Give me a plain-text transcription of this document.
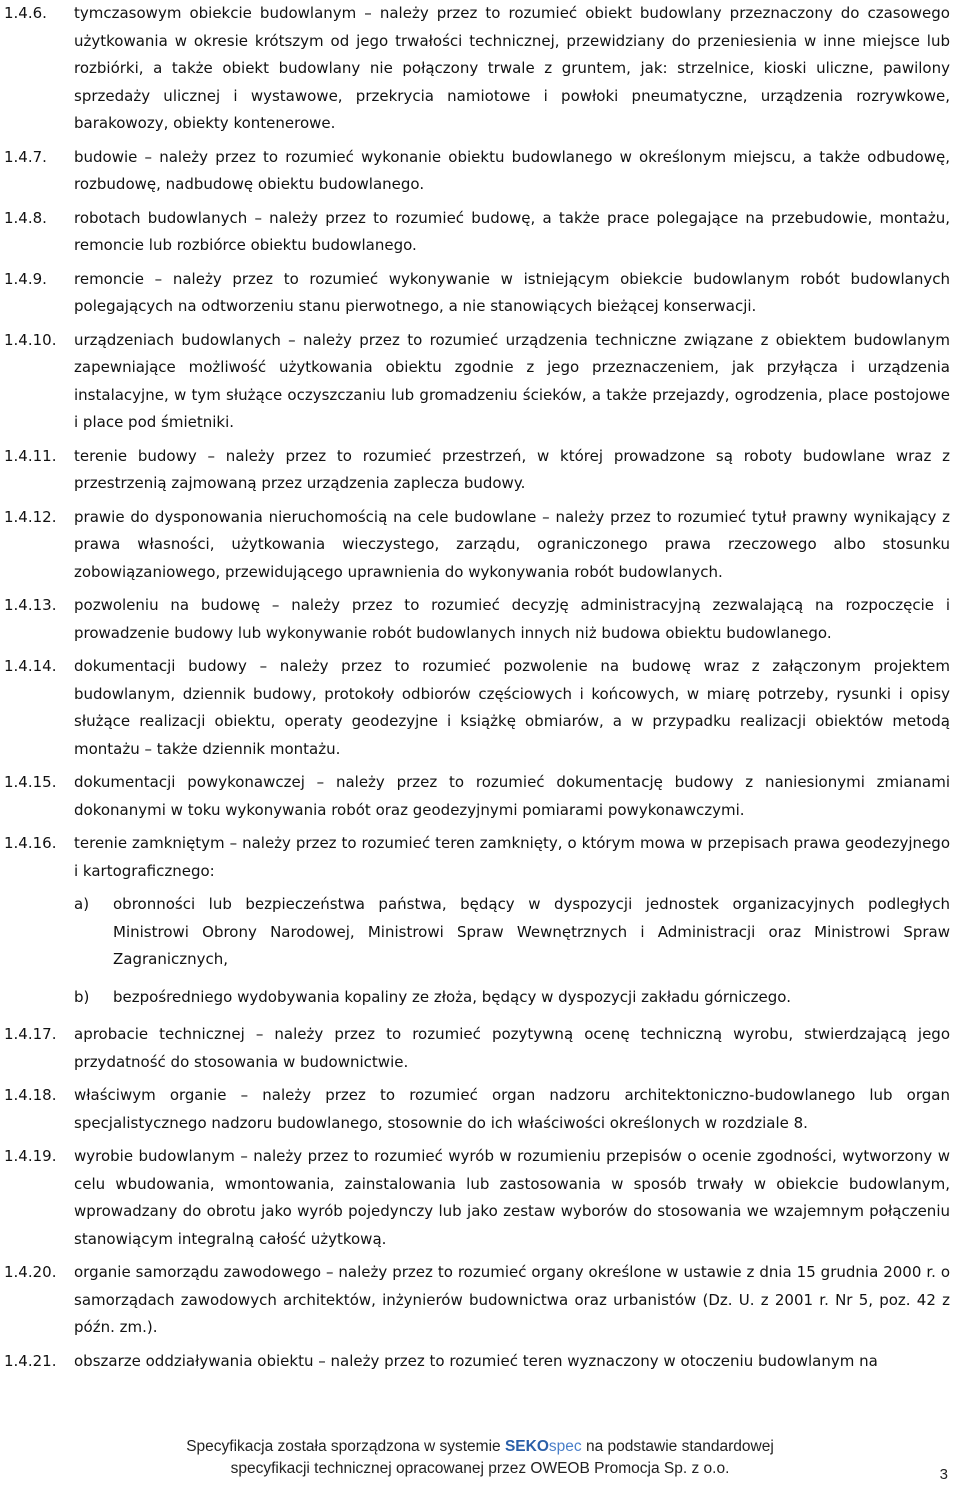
1.4.6.	tymczasowym obiekcie budowlanym – należy przez to rozumieć obiekt budowlany przeznaczony do czasowego użytkowania w okresie krótszym od jego trwałości technicznej, przewidziany do przeniesienia w inne miejsce lub rozbiórki, a także obiekt budowlany nie połączony trwale z gruntem, jak: strzelnice, kioski uliczne, pawilony sprzedaży ulicznej i wystawowe, przekrycia namiotowe i powłoki pneumatyczne, urządzenia rozrywkowe, barakowozy, obiekty kontenerowe.
1.4.7.	budowie – należy przez to rozumieć wykonanie obiektu budowlanego w określonym miejscu, a także odbudowę, rozbudowę, nadbudowę obiektu budowlanego.
1.4.8.	robotach budowlanych – należy przez to rozumieć budowę, a także prace polegające na przebudowie, montażu, remoncie lub rozbiórce obiektu budowlanego.
1.4.9.	remoncie – należy przez to rozumieć wykonywanie w istniejącym obiekcie budowlanym robót budowlanych polegających na odtworzeniu stanu pierwotnego, a nie stanowiących bieżącej konserwacji.
1.4.10.	urządzeniach budowlanych – należy przez to rozumieć urządzenia techniczne związane z obiektem budowlanym zapewniające możliwość użytkowania obiektu zgodnie z jego przeznaczeniem, jak przyłącza i urządzenia instalacyjne, w tym służące oczyszczaniu lub gromadzeniu ścieków, a także przejazdy, ogrodzenia, place postojowe i place pod śmietniki.
1.4.11.	terenie budowy – należy przez to rozumieć przestrzeń, w której prowadzone są roboty budowlane wraz z przestrzenią zajmowaną przez urządzenia zaplecza budowy.
1.4.12.	prawie do dysponowania nieruchomością na cele budowlane – należy przez to rozumieć tytuł prawny wynikający z prawa własności, użytkowania wieczystego, zarządu, ograniczonego prawa rzeczowego albo stosunku zobowiązaniowego, przewidującego uprawnienia do wykonywania robót budowlanych.
1.4.13.	pozwoleniu na budowę – należy przez to rozumieć decyzję administracyjną zezwalającą na rozpoczęcie i prowadzenie budowy lub wykonywanie robót budowlanych innych niż budowa obiektu budowlanego.
1.4.14.	dokumentacji budowy – należy przez to rozumieć pozwolenie na budowę wraz z załączonym projektem budowlanym, dziennik budowy, protokoły odbiorów częściowych i końcowych, w miarę potrzeby, rysunki i opisy służące realizacji obiektu, operaty geodezyjne i książkę obmiarów, a w przypadku realizacji obiektów metodą montażu – także dziennik montażu.
1.4.15.	dokumentacji powykonawczej – należy przez to rozumieć dokumentację budowy z naniesionymi zmianami dokonanymi w toku wykonywania robót oraz geodezyjnymi pomiarami powykonawczymi.
1.4.16.	terenie zamkniętym – należy przez to rozumieć teren zamknięty, o którym mowa w przepisach prawa geodezyjnego i kartograficznego:
a)	obronności lub bezpieczeństwa państwa, będący w dyspozycji jednostek organizacyjnych podległych Ministrowi Obrony Narodowej, Ministrowi Spraw Wewnętrznych i Administracji oraz Ministrowi Spraw Zagranicznych,
b)	bezpośredniego wydobywania kopaliny ze złoża, będący w dyspozycji zakładu górniczego.
1.4.17.	aprobacie technicznej – należy przez to rozumieć pozytywną ocenę techniczną wyrobu, stwierdzającą jego przydatność do stosowania w budownictwie.
1.4.18.	właściwym organie – należy przez to rozumieć organ nadzoru architektoniczno-budowlanego lub organ specjalistycznego nadzoru budowlanego, stosownie do ich właściwości określonych w rozdziale 8.
1.4.19.	wyrobie budowlanym – należy przez to rozumieć wyrób w rozumieniu przepisów o ocenie zgodności, wytworzony w celu wbudowania, wmontowania, zainstalowania lub zastosowania w sposób trwały w obiekcie budowlanym, wprowadzany do obrotu jako wyrób pojedynczy lub jako zestaw wyborów do stosowania we wzajemnym połączeniu stanowiącym integralną całość użytkową.
1.4.20.	organie samorządu zawodowego – należy przez to rozumieć organy określone w ustawie z dnia 15 grudnia 2000 r. o samorządach zawodowych architektów, inżynierów budownictwa oraz urbanistów (Dz. U. z 2001 r. Nr 5, poz. 42 z późn. zm.).
1.4.21.	obszarze oddziaływania obiektu – należy przez to rozumieć teren wyznaczony w otoczeniu budowlanym na
Specyfikacja została sporządzona w systemie SEKOspec na podstawie standardowej
specyfikacji technicznej opracowanej przez OWEOB Promocja Sp. z o.o.	3
